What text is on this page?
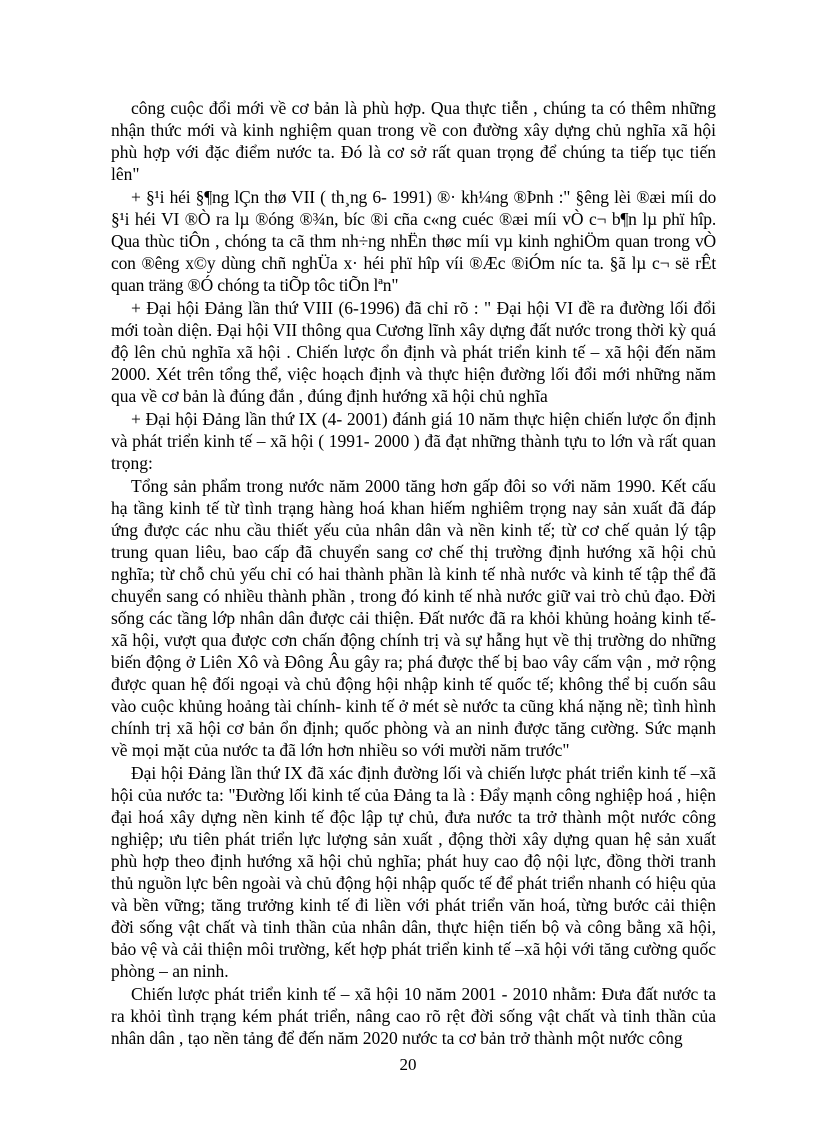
công cuộc đổi mới về cơ bản là phù hợp. Qua thực tiễn , chúng ta có thêm những nhận thức mới và kinh nghiệm quan trong về con đường xây dựng chủ nghĩa xã hội phù hợp với đặc điểm nước ta. Đó là cơ sở rất quan trọng để chúng ta tiếp tục tiến lên"

+ §¹i héi §¶ng lÇn thø VII ( th¸ng 6- 1991) ®· kh¼ng ®Þnh :" §êng lèi ®æi míi do §¹i héi VI ®Ò ra lµ ®óng ®¾n, bíc ®i cña c«ng cuéc ®æi míi vÒ c¬ b¶n lµ phï hîp. Qua thùc tiÔn , chóng ta cã thm nh÷ng nhËn thøc míi vµ kinh nghiÖm quan trong vÒ con ®êng x©y dùng chñ nghÜa x· héi phï hîp víi ®Æc ®iÓm níc ta. §ã lµ c¬ së rÊt quan träng ®Ó chóng ta tiÕp tôc tiÕn lªn"

+ Đại hội Đảng lần thứ VIII (6-1996) đã chỉ rõ : " Đại hội VI đề ra đường lối đổi mới toàn diện. Đại hội VII thông qua Cương lĩnh xây dựng đất nước trong thời kỳ quá độ lên chủ nghĩa xã hội . Chiến lược ổn định và phát triển kinh tế – xã hội đến năm 2000. Xét trên tổng thể, việc hoạch định và thực hiện đường lối đổi mới những năm qua về cơ bản là đúng đắn , đúng định hướng xã hội chủ nghĩa

+ Đại hội Đảng lần thứ IX (4- 2001) đánh giá 10 năm thực hiện chiến lược ổn định và phát triển kinh tế – xã hội ( 1991- 2000 ) đã đạt những thành tựu to lớn và rất quan trọng:

Tổng sản phẩm trong nước năm 2000 tăng hơn gấp đôi so với năm 1990. Kết cấu hạ tầng kinh tế từ tình trạng hàng hoá khan hiếm nghiêm trọng nay sản xuất đã đáp ứng được các nhu cầu thiết yếu của nhân dân và nền kinh tế; từ cơ chế quản lý tập trung quan liêu, bao cấp đã chuyển sang cơ chế thị trường định hướng xã hội chủ nghĩa; từ chỗ chủ yếu chỉ có hai thành phần là kinh tế nhà nước và kinh tế tập thể đã chuyển sang có nhiều thành phần , trong đó kinh tế nhà nước giữ vai trò chủ đạo. Đời sống các tầng lớp nhân dân được cải thiện. Đất nước đã ra khỏi khủng hoảng kinh tế- xã hội, vượt qua được cơn chấn động chính trị và sự hẫng hụt về thị trường do những biến động ở Liên Xô và Đông Âu gây ra; phá được thế bị bao vây cấm vận , mở rộng được quan hệ đối ngoại và chủ động hội nhập kinh tế quốc tế; không thể bị cuốn sâu vào cuộc khủng hoảng tài chính- kinh tế ở mét sè nước ta cũng khá nặng nề; tình hình chính trị xã hội cơ bản ổn định; quốc phòng và an ninh được tăng cường. Sức mạnh về mọi mặt của nước ta đã lớn hơn nhiều so với mười năm trước"

Đại hội Đảng lần thứ IX đã xác định đường lối và chiến lược phát triển kinh tế –xã hội của nước ta: "Đường lối kinh tế của Đảng ta là : Đẩy mạnh công nghiệp hoá , hiện đại hoá xây dựng nền kinh tế độc lập tự chủ, đưa nước ta trở thành một nước công nghiệp; ưu tiên phát triển lực lượng sản xuất , động thời xây dựng quan hệ sản xuất phù hợp theo định hướng xã hội chủ nghĩa; phát huy cao độ nội lực, đồng thời tranh thủ nguồn lực bên ngoài và chủ động hội nhập quốc tế để phát triển nhanh có hiệu qủa và bền vững; tăng trưởng kinh tế đi liền với phát triển văn hoá, từng bước cải thiện đời sống vật chất và tinh thần của nhân dân, thực hiện tiến bộ và công bằng xã hội, bảo vệ và cải thiện môi trường, kết hợp phát triển kinh tế –xã hội với tăng cường quốc phòng – an ninh.

Chiến lược phát triển kinh tế – xã hội 10 năm 2001 - 2010 nhằm: Đưa đất nước ta ra khỏi tình trạng kém phát triển, nâng cao rõ rệt đời sống vật chất và tinh thần của nhân dân , tạo nền tảng để đến năm 2020 nước ta cơ bản trở thành một nước công

20
